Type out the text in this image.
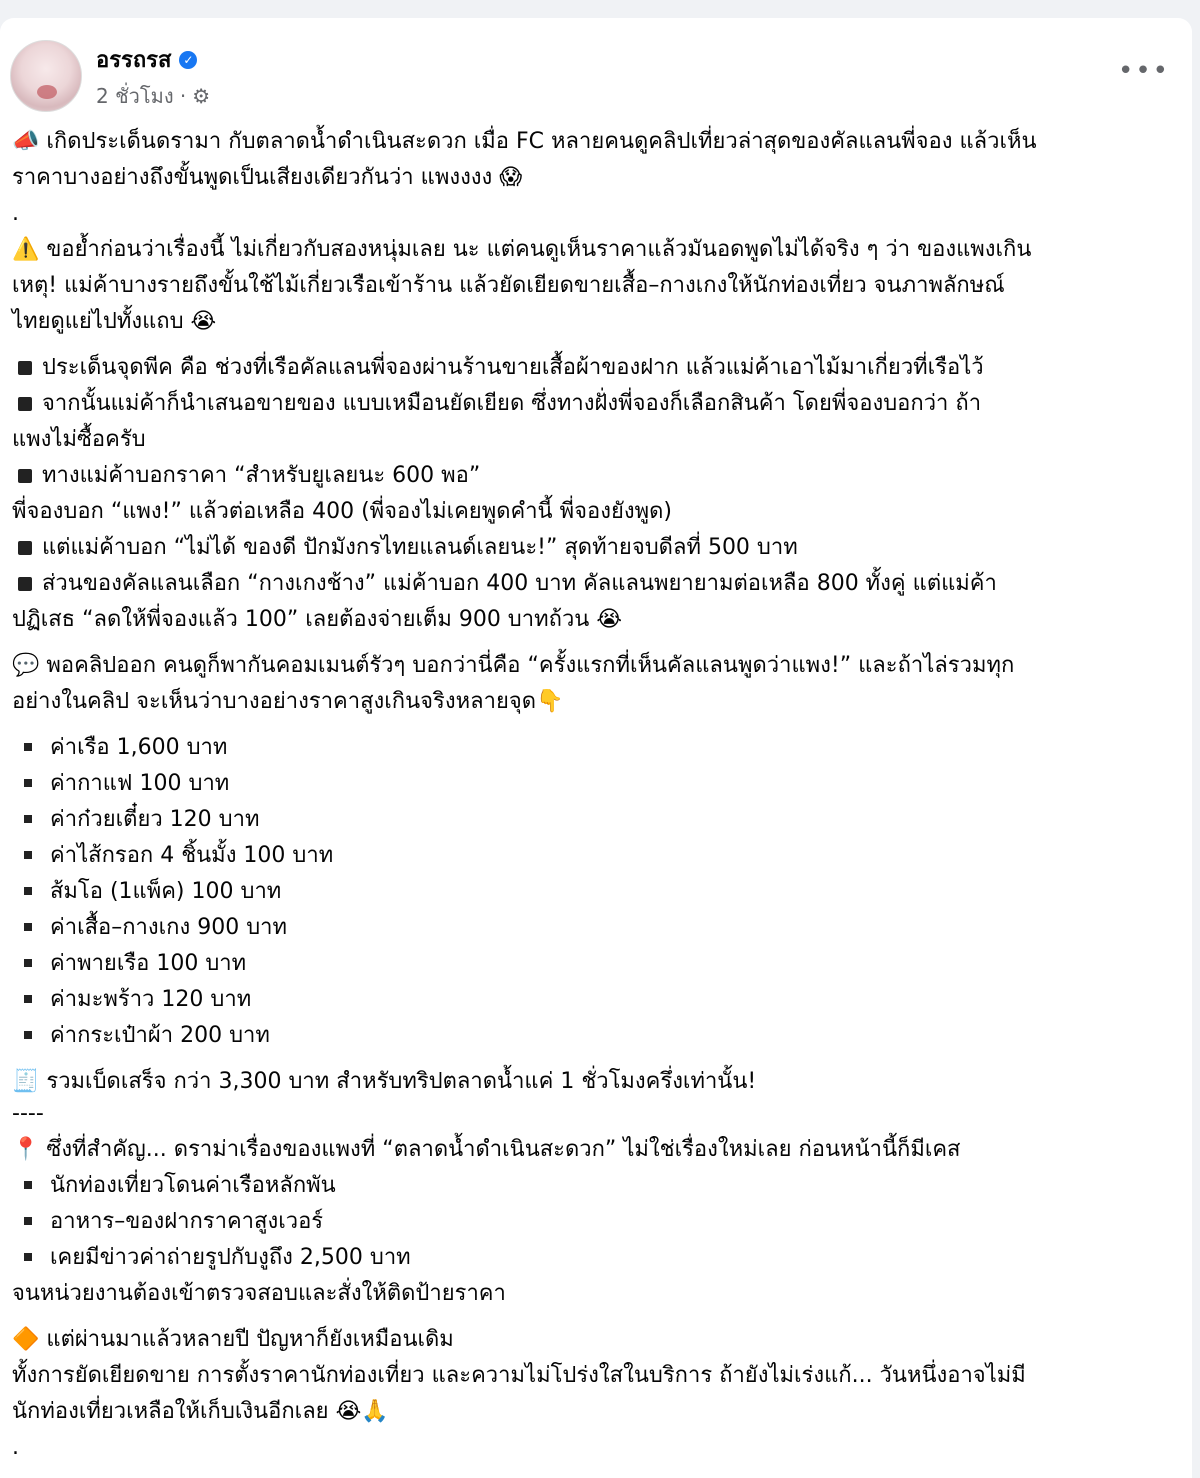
อรรถรส ✓
2 ชั่วโมง · ⚙
•••
📣 เกิดประเด็นดรามา กับตลาดน้ำดำเนินสะดวก เมื่อ FC หลายคนดูคลิปเที่ยวล่าสุดของคัลแลนพี่จอง แล้วเห็น
ราคาบางอย่างถึงขั้นพูดเป็นเสียงเดียวกันว่า แพงงงง 😱
.
⚠️ ขอย้ำก่อนว่าเรื่องนี้ ไม่เกี่ยวกับสองหนุ่มเลย นะ แต่คนดูเห็นราคาแล้วมันอดพูดไม่ได้จริง ๆ ว่า ของแพงเกิน
เหตุ! แม่ค้าบางรายถึงขั้นใช้ไม้เกี่ยวเรือเข้าร้าน แล้วยัดเยียดขายเสื้อ–กางเกงให้นักท่องเที่ยว จนภาพลักษณ์
ไทยดูแย่ไปทั้งแถบ 😭
ประเด็นจุดพีค คือ ช่วงที่เรือคัลแลนพี่จองผ่านร้านขายเสื้อผ้าของฝาก แล้วแม่ค้าเอาไม้มาเกี่ยวที่เรือไว้
จากนั้นแม่ค้าก็นำเสนอขายของ แบบเหมือนยัดเยียด ซึ่งทางฝั่งพี่จองก็เลือกสินค้า โดยพี่จองบอกว่า ถ้า
แพงไม่ซื้อครับ
ทางแม่ค้าบอกราคา “สำหรับยูเลยนะ 600 พอ”
พี่จองบอก “แพง!” แล้วต่อเหลือ 400 (พี่จองไม่เคยพูดคำนี้ พี่จองยังพูด)
แต่แม่ค้าบอก “ไม่ได้ ของดี ปักมังกรไทยแลนด์เลยนะ!” สุดท้ายจบดีลที่ 500 บาท
ส่วนของคัลแลนเลือก “กางเกงช้าง” แม่ค้าบอก 400 บาท คัลแลนพยายามต่อเหลือ 800 ทั้งคู่ แต่แม่ค้า
ปฏิเสธ “ลดให้พี่จองแล้ว 100” เลยต้องจ่ายเต็ม 900 บาทถ้วน 😭
💬 พอคลิปออก คนดูก็พากันคอมเมนต์รัวๆ บอกว่านี่คือ “ครั้งแรกที่เห็นคัลแลนพูดว่าแพง!” และถ้าไล่รวมทุก
อย่างในคลิป จะเห็นว่าบางอย่างราคาสูงเกินจริงหลายจุด👇
ค่าเรือ 1,600 บาท
ค่ากาแฟ 100 บาท
ค่าก๋วยเตี๋ยว 120 บาท
ค่าไส้กรอก 4 ชิ้นมั้ง 100 บาท
ส้มโอ (1แพ็ค) 100 บาท
ค่าเสื้อ–กางเกง 900 บาท
ค่าพายเรือ 100 บาท
ค่ามะพร้าว 120 บาท
ค่ากระเป๋าผ้า 200 บาท
🧾 รวมเบ็ดเสร็จ กว่า 3,300 บาท สำหรับทริปตลาดน้ำแค่ 1 ชั่วโมงครึ่งเท่านั้น!
----
📍 ซึ่งที่สำคัญ... ดราม่าเรื่องของแพงที่ “ตลาดน้ำดำเนินสะดวก” ไม่ใช่เรื่องใหม่เลย ก่อนหน้านี้ก็มีเคส
นักท่องเที่ยวโดนค่าเรือหลักพัน
อาหาร–ของฝากราคาสูงเวอร์
เคยมีข่าวค่าถ่ายรูปกับงูถึง 2,500 บาท
จนหน่วยงานต้องเข้าตรวจสอบและสั่งให้ติดป้ายราคา
🔶 แต่ผ่านมาแล้วหลายปี ปัญหาก็ยังเหมือนเดิม
ทั้งการยัดเยียดขาย การตั้งราคานักท่องเที่ยว และความไม่โปร่งใสในบริการ ถ้ายังไม่เร่งแก้... วันหนึ่งอาจไม่มี
นักท่องเที่ยวเหลือให้เก็บเงินอีกเลย 😭🙏
.
